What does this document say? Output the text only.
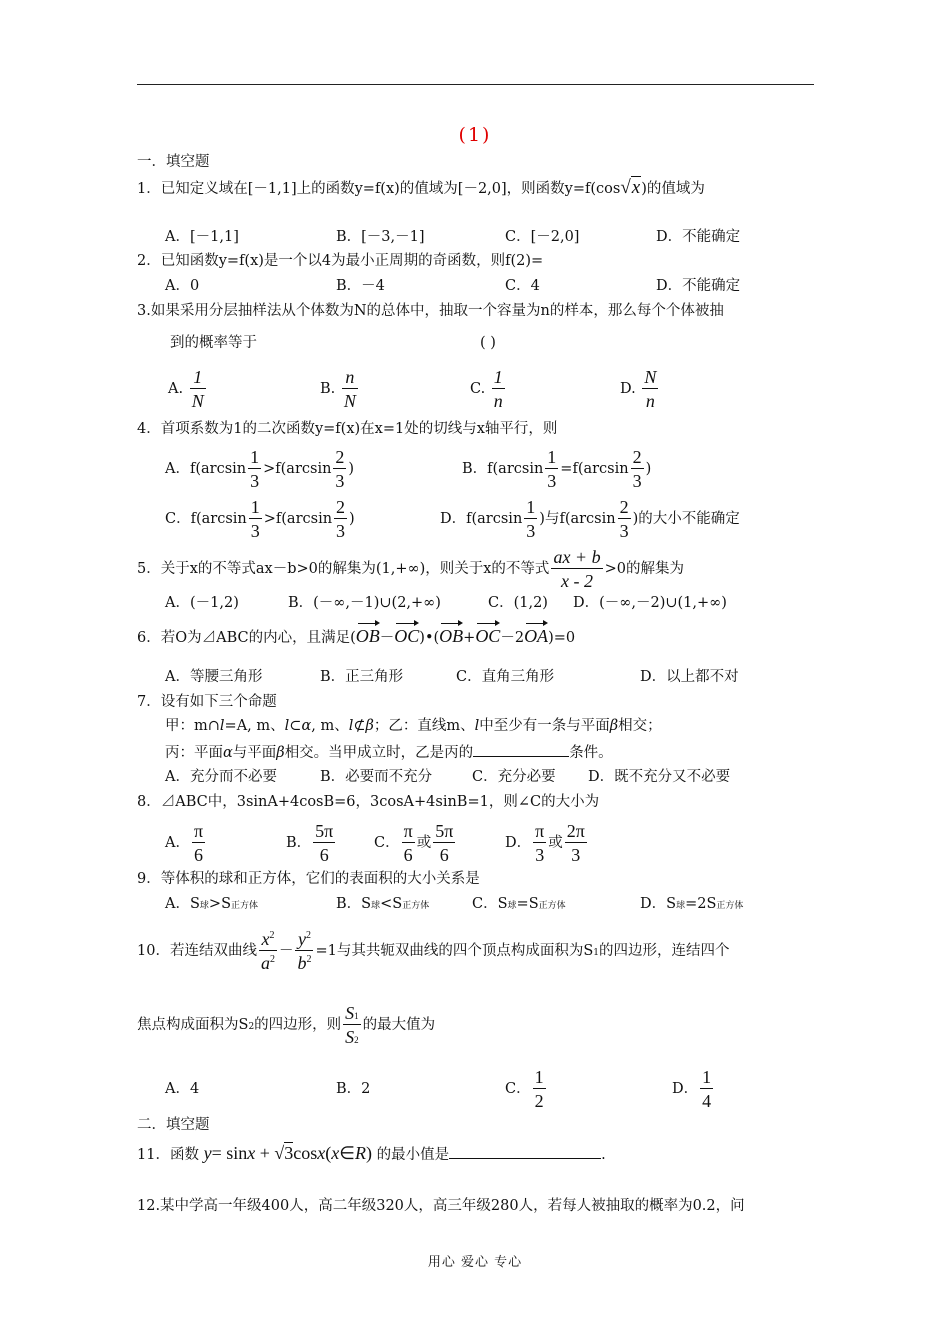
(1)
一．填空题
1．已知定义域在[－1,1]上的函数y=f(x)的值域为[－2,0]，则函数y=f(cos√x)的值域为
A．[－1,1]	B．[－3,－1]	C．[－2,0]	D．不能确定
2．已知函数y=f(x)是一个以4为最小正周期的奇函数，则f(2)=
A．0	B．－4	C．4	D．不能确定
3.如果采用分层抽样法从个体数为N的总体中，抽取一个容量为n的样本，那么每个个体被抽
到的概率等于	( )
A. $\frac{1}{N}$	B. $\frac{n}{N}$	C. $\frac{1}{n}$	D. $\frac{N}{n}$
4．首项系数为1的二次函数y=f(x)在x=1处的切线与x轴平行，则
A．$f(\arcsin \frac{1}{3} >f(\arcsin \frac{2}{3}$ )	B．$f(\arcsin \frac{1}{3} =f(\arcsin \frac{2}{3}$ )
C．$f(\arcsin \frac{1}{3} >f(\arcsin \frac{2}{3}$ )	D．$f(\arcsin \frac{1}{3}$ )与$f(\arcsin \frac{2}{3}$ )的大小不能确定
5．关于x的不等式ax－b>0的解集为(1,+∞)，则关于x的不等式 $\frac{ax + b}{x - 2} >0$的解集为
A．(－1,2)	B．(－∞,－1)∪(2,+∞)	C．(1,2) D．(－∞,－2)∪(1,+∞)
6．若O为⊿ABC的内心，且满足(OB－OC)•(OB+OC－2OA)=0
A．等腰三角形	B．正三角形	C．直角三角形	D．以上都不对
7．设有如下三个命题
甲：m∩l=A, m、l⊂ɑ, m、l⊄β；乙：直线m、l中至少有一条与平面β相交；
丙：平面ɑ与平面β相交。当甲成立时，乙是丙的	条件。
A．充分而不必要	B．必要而不充分	C．充分必要 D．既不充分又不必要
8．⊿ABC中，3sinA+4cosB=6，3cosA+4sinB=1，则∠C的大小为
A． $\frac{\pi}{6}$	B． $\frac{5\pi}{6}$	C． $\frac{\pi}{6}$ 或 $\frac{5\pi}{6}$	D． $\frac{\pi}{3}$ 或 $\frac{2\pi}{3}$
9．等体积的球和正方体，它们的表面积的大小关系是
A．S球>S正方体	B．S球<S正方体	C．S球=S正方体	D．S球=2S正方体
10．若连结双曲线 $\frac{x^2}{a^2} - \frac{y^2}{b^2} =1$与其共轭双曲线的四个顶点构成面积为S1的四边形，连结四个
焦点构成面积为S2的四边形，则 $\frac{S1}{S2}$ 的最大值为
A．4	B．2	C． $\frac{1}{2}$	D． $\frac{1}{4}$
二．填空题
11．函数 y= sinx + √3cosx(x∈R) 的最小值是	.
12.某中学高一年级400人，高二年级320人，高三年级280人，若每人被抽取的概率为0.2，问
用心 爱心 专心
